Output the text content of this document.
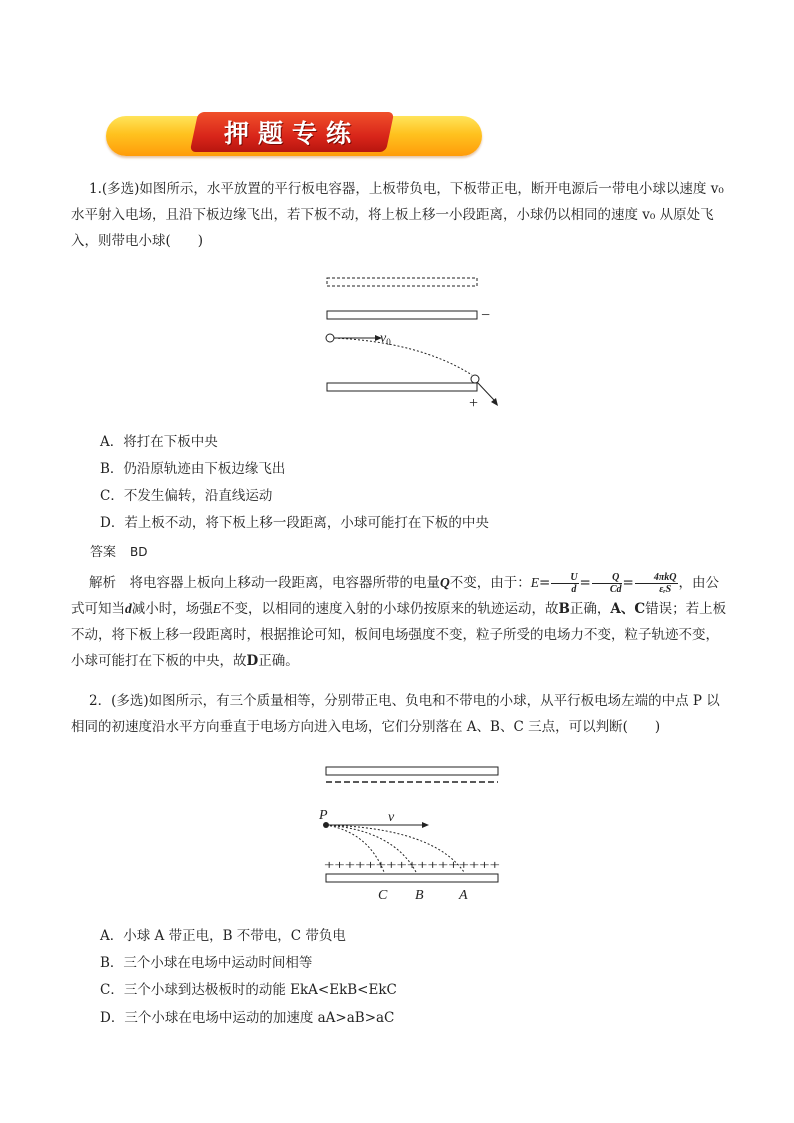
押题专练

1.(多选)如图所示，水平放置的平行板电容器，上板带负电，下板带正电，断开电源后一带电小球以速度 v₀ 水平射入电场，且沿下板边缘飞出，若下板不动，将上板上移一小段距离，小球仍以相同的速度 v₀ 从原处飞入，则带电小球(　　)

−
$v_0$
+
A．将打在下板中央
B．仍沿原轨迹由下板边缘飞出
C．不发生偏转，沿直线运动
D．若上板不动，将下板上移一段距离，小球可能打在下板的中央
答案 BD

解析　 将电容器上板向上移动一段距离，电容器所带的电量Q不变，由于：$E= \frac{U}{d} = \frac{Q}{Cd} = \frac{\text{4πkQ}}{\text{εᵣS}}$ ，由公式可知当d减小时，场强E不变，以相同的速度入射的小球仍按原来的轨迹运动，故B正确，A、C错误；若上板不动，将下板上移一段距离时，根据推论可知，板间电场强度不变，粒子所受的电场力不变，粒子轨迹不变，小球可能打在下板的中央，故D正确。

2．(多选)如图所示，有三个质量相等，分别带正电、负电和不带电的小球，从平行板电场左端的中点 P 以相同的初速度沿水平方向垂直于电场方向进入电场，它们分别落在 A、B、C 三点，可以判断(　　)

P	v
+++++++++++++++++
C B	A
A．小球 A 带正电，B 不带电，C 带负电
B．三个小球在电场中运动时间相等
C．三个小球到达极板时的动能 EkA<EkB<EkC
D．三个小球在电场中运动的加速度 aA>aB>aC
